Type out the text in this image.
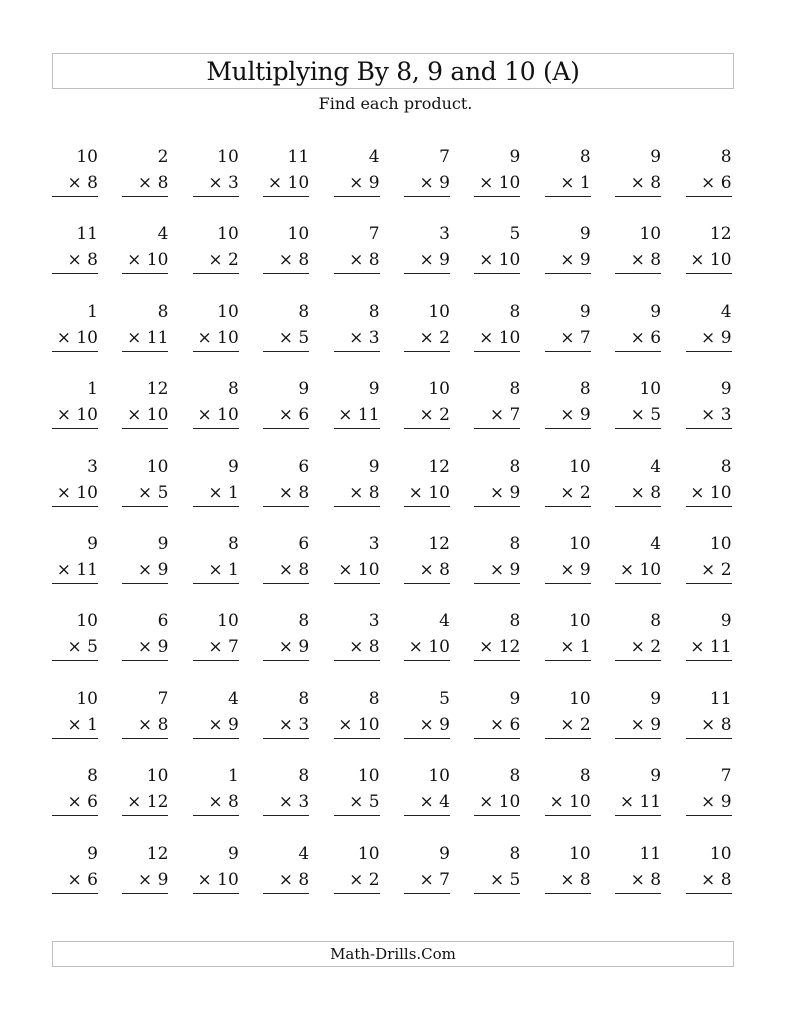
Multiplying By 8, 9 and 10 (A)
Find each product.
10
× 8
2
× 8
10
× 3
11
× 10
4
× 9
7
× 9
9
× 10
8
× 1
9
× 8
8
× 6
11
× 8
4
× 10
10
× 2
10
× 8
7
× 8
3
× 9
5
× 10
9
× 9
10
× 8
12
× 10
1
× 10
8
× 11
10
× 10
8
× 5
8
× 3
10
× 2
8
× 10
9
× 7
9
× 6
4
× 9
1
× 10
12
× 10
8
× 10
9
× 6
9
× 11
10
× 2
8
× 7
8
× 9
10
× 5
9
× 3
3
× 10
10
× 5
9
× 1
6
× 8
9
× 8
12
× 10
8
× 9
10
× 2
4
× 8
8
× 10
9
× 11
9
× 9
8
× 1
6
× 8
3
× 10
12
× 8
8
× 9
10
× 9
4
× 10
10
× 2
10
× 5
6
× 9
10
× 7
8
× 9
3
× 8
4
× 10
8
× 12
10
× 1
8
× 2
9
× 11
10
× 1
7
× 8
4
× 9
8
× 3
8
× 10
5
× 9
9
× 6
10
× 2
9
× 9
11
× 8
8
× 6
10
× 12
1
× 8
8
× 3
10
× 5
10
× 4
8
× 10
8
× 10
9
× 11
7
× 9
9
× 6
12
× 9
9
× 10
4
× 8
10
× 2
9
× 7
8
× 5
10
× 8
11
× 8
10
× 8
Math-Drills.Com
